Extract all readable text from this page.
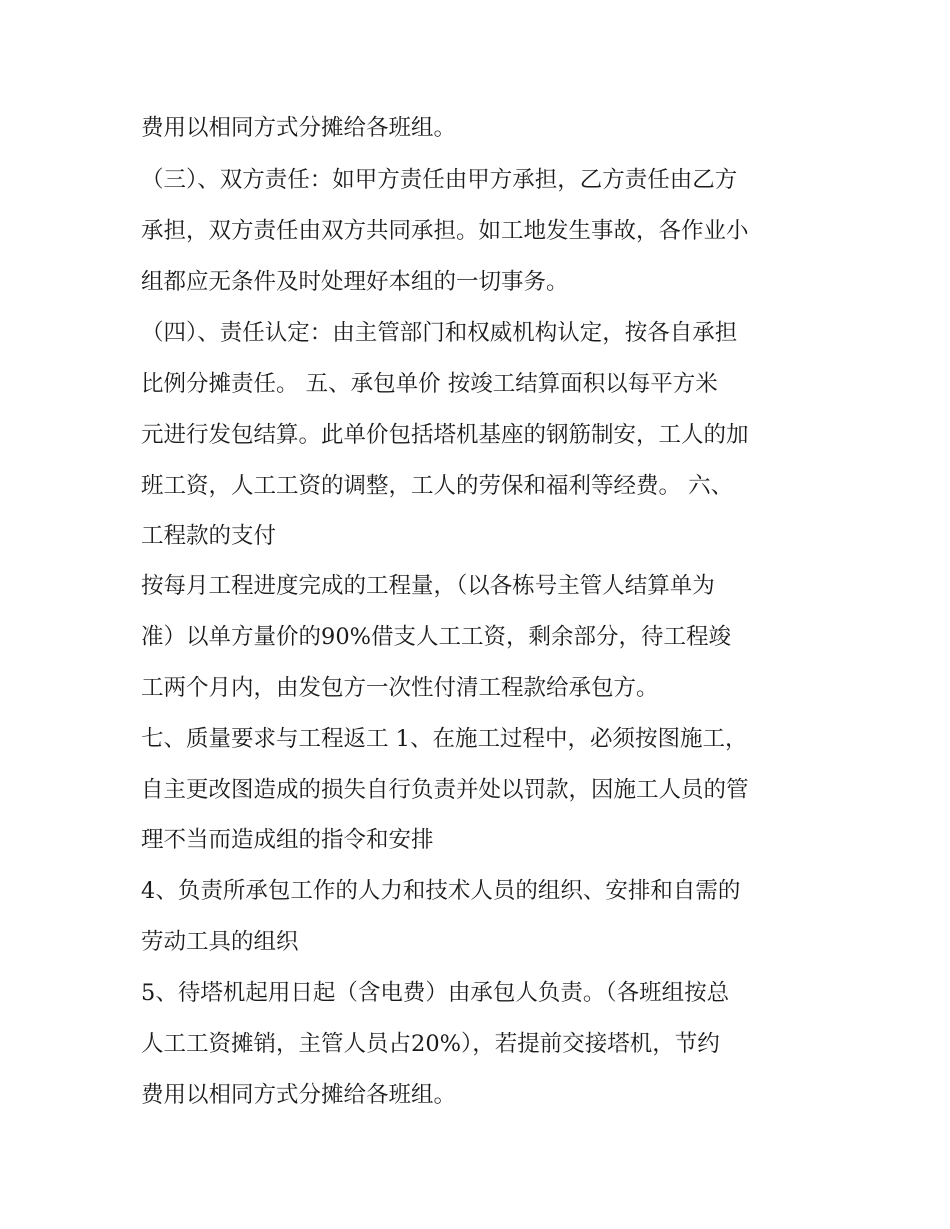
费用以相同方式分摊给各班组。
（三）、双方责任：如甲方责任由甲方承担，乙方责任由乙方
承担，双方责任由双方共同承担。如工地发生事故，各作业小
组都应无条件及时处理好本组的一切事务。
（四）、责任认定：由主管部门和权威机构认定，按各自承担
比例分摊责任。 五、承包单价 按竣工结算面积以每平方米
元进行发包结算。此单价包括塔机基座的钢筋制安，工人的加
班工资，人工工资的调整，工人的劳保和福利等经费。 六、
工程款的支付
按每月工程进度完成的工程量，（以各栋号主管人结算单为
准）以单方量价的90%借支人工工资，剩余部分，待工程竣
工两个月内，由发包方一次性付清工程款给承包方。
七、质量要求与工程返工 1、在施工过程中，必须按图施工，
自主更改图造成的损失自行负责并处以罚款，因施工人员的管
理不当而造成组的指令和安排
4、负责所承包工作的人力和技术人员的组织、安排和自需的
劳动工具的组织
5、待塔机起用日起（含电费）由承包人负责。（各班组按总
人工工资摊销，主管人员占20%），若提前交接塔机，节约
费用以相同方式分摊给各班组。
